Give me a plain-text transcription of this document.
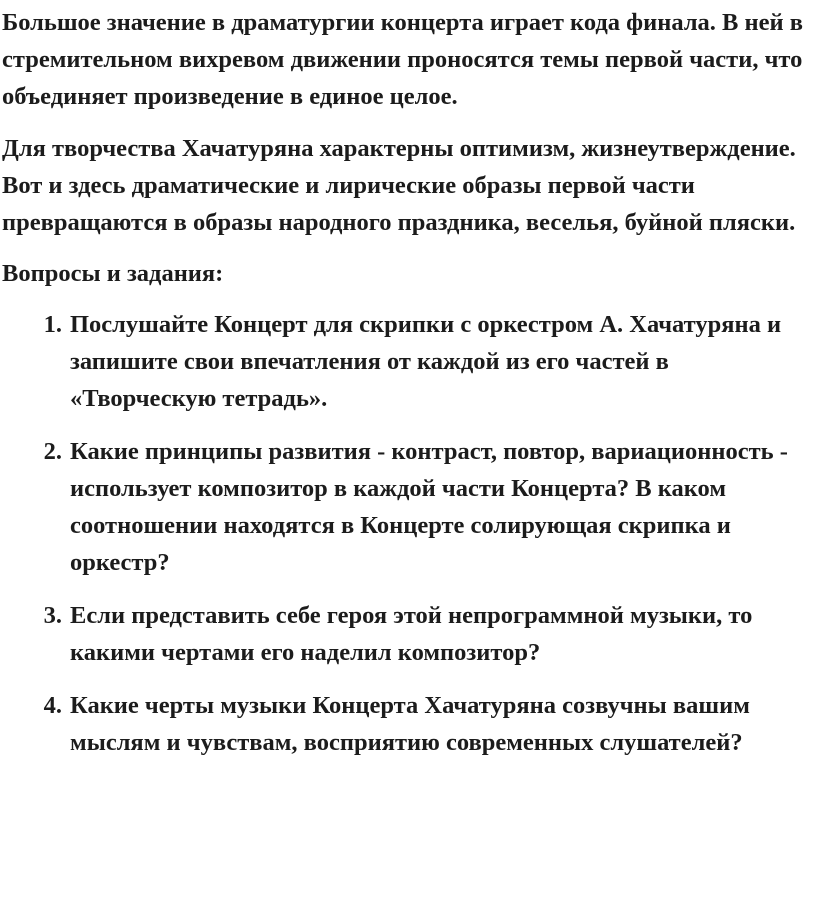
Большое значение в драматургии концерта играет кода финала. В ней в стремительном вихревом движении проносятся темы первой части, что объединяет произведение в единое целое.

Для творчества Хачатуряна характерны оптимизм, жизнеутверждение. Вот и здесь драматические и лирические образы первой части превращаются в образы народного праздника, веселья, буйной пляски.

Вопросы и задания:

1. Послушайте Концерт для скрипки с оркестром А. Хачатуряна и запишите свои впечатления от каждой из его частей в «Творческую тетрадь».
2. Какие принципы развития - контраст, повтор, вариационность - использует композитор в каждой части Концерта? В каком соотношении находятся в Концерте солирующая скрипка и оркестр?
3. Если представить себе героя этой непрограммной музыки, то какими чертами его наделил композитор?
4. Какие черты музыки Концерта Хачатуряна созвучны вашим мыслям и чувствам, восприятию современных слушателей?
